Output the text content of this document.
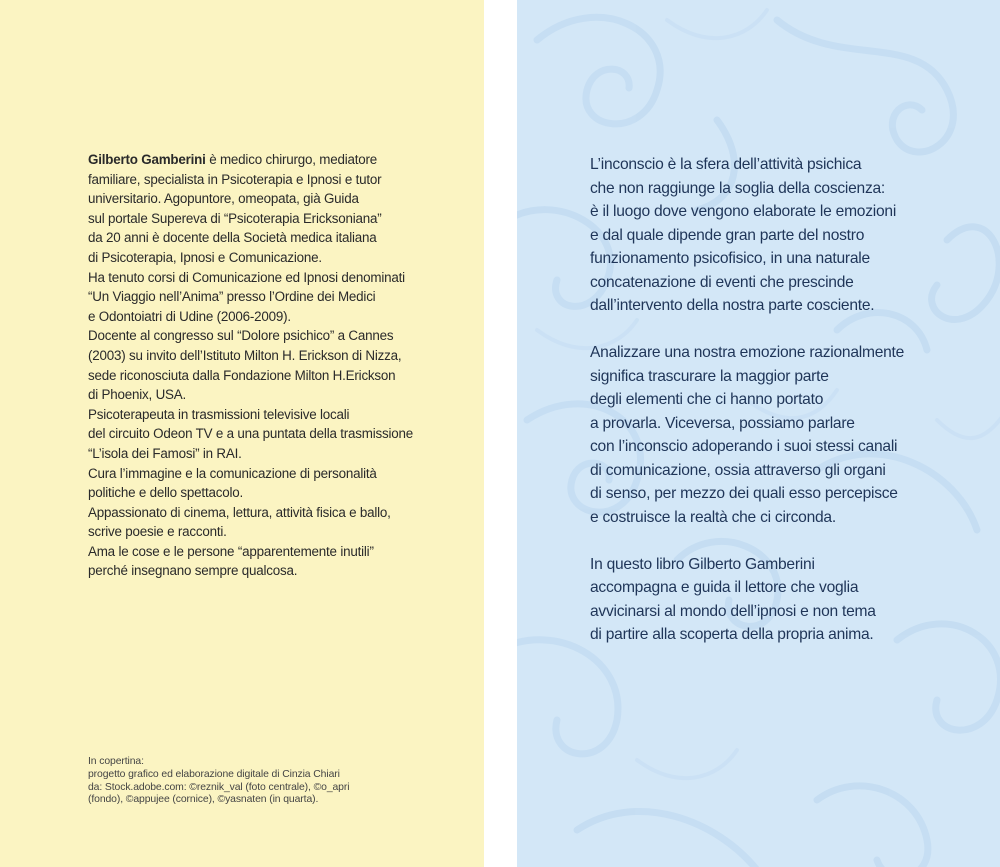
Gilberto Gamberini è medico chirurgo, mediatore
familiare, specialista in Psicoterapia e Ipnosi e tutor
universitario. Agopuntore, omeopata, già Guida
sul portale Supereva di “Psicoterapia Ericksoniana”
da 20 anni è docente della Società medica italiana
di Psicoterapia, Ipnosi e Comunicazione.
Ha tenuto corsi di Comunicazione ed Ipnosi denominati
“Un Viaggio nell’Anima” presso l’Ordine dei Medici
e Odontoiatri di Udine (2006-2009).
Docente al congresso sul “Dolore psichico” a Cannes
(2003) su invito dell’Istituto Milton H. Erickson di Nizza,
sede riconosciuta dalla Fondazione Milton H.Erickson
di Phoenix, USA.
Psicoterapeuta in trasmissioni televisive locali
del circuito Odeon TV e a una puntata della trasmissione
“L’isola dei Famosi” in RAI.
Cura l’immagine e la comunicazione di personalità
politiche e dello spettacolo.
Appassionato di cinema, lettura, attività fisica e ballo,
scrive poesie e racconti.
Ama le cose e le persone “apparentemente inutili”
perché insegnano sempre qualcosa.
In copertina:
progetto grafico ed elaborazione digitale di Cinzia Chiari
da: Stock.adobe.com: ©reznik_val (foto centrale), ©o_apri
(fondo), ©appujee (cornice), ©yasnaten (in quarta).
L’inconscio è la sfera dell’attività psichica
che non raggiunge la soglia della coscienza:
è il luogo dove vengono elaborate le emozioni
e dal quale dipende gran parte del nostro
funzionamento psicofisico, in una naturale
concatenazione di eventi che prescinde
dall’intervento della nostra parte cosciente.
Analizzare una nostra emozione razionalmente
significa trascurare la maggior parte
degli elementi che ci hanno portato
a provarla. Viceversa, possiamo parlare
con l’inconscio adoperando i suoi stessi canali
di comunicazione, ossia attraverso gli organi
di senso, per mezzo dei quali esso percepisce
e costruisce la realtà che ci circonda.
In questo libro Gilberto Gamberini
accompagna e guida il lettore che voglia
avvicinarsi al mondo dell’ipnosi e non tema
di partire alla scoperta della propria anima.
